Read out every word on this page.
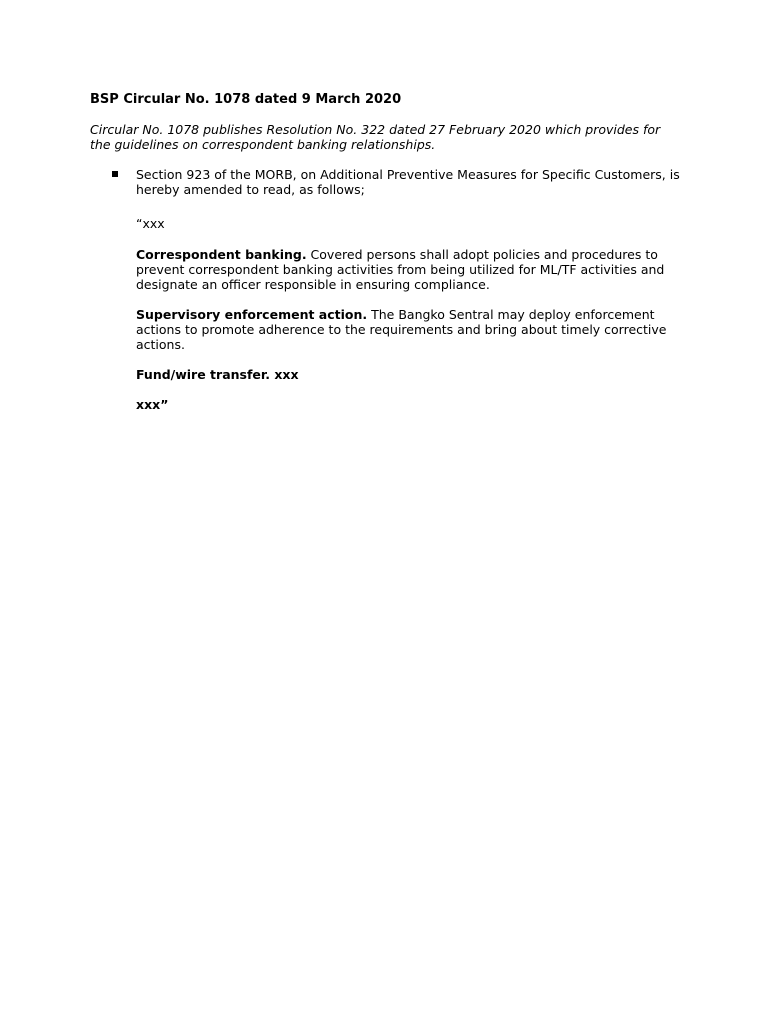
BSP Circular No. 1078 dated 9 March 2020
Circular No. 1078 publishes Resolution No. 322 dated 27 February 2020 which provides for the guidelines on correspondent banking relationships.
Section 923 of the MORB, on Additional Preventive Measures for Specific Customers, is hereby amended to read, as follows;
“xxx
Correspondent banking. Covered persons shall adopt policies and procedures to prevent correspondent banking activities from being utilized for ML/TF activities and designate an officer responsible in ensuring compliance.
Supervisory enforcement action. The Bangko Sentral may deploy enforcement actions to promote adherence to the requirements and bring about timely corrective actions.
Fund/wire transfer. xxx
xxx”
